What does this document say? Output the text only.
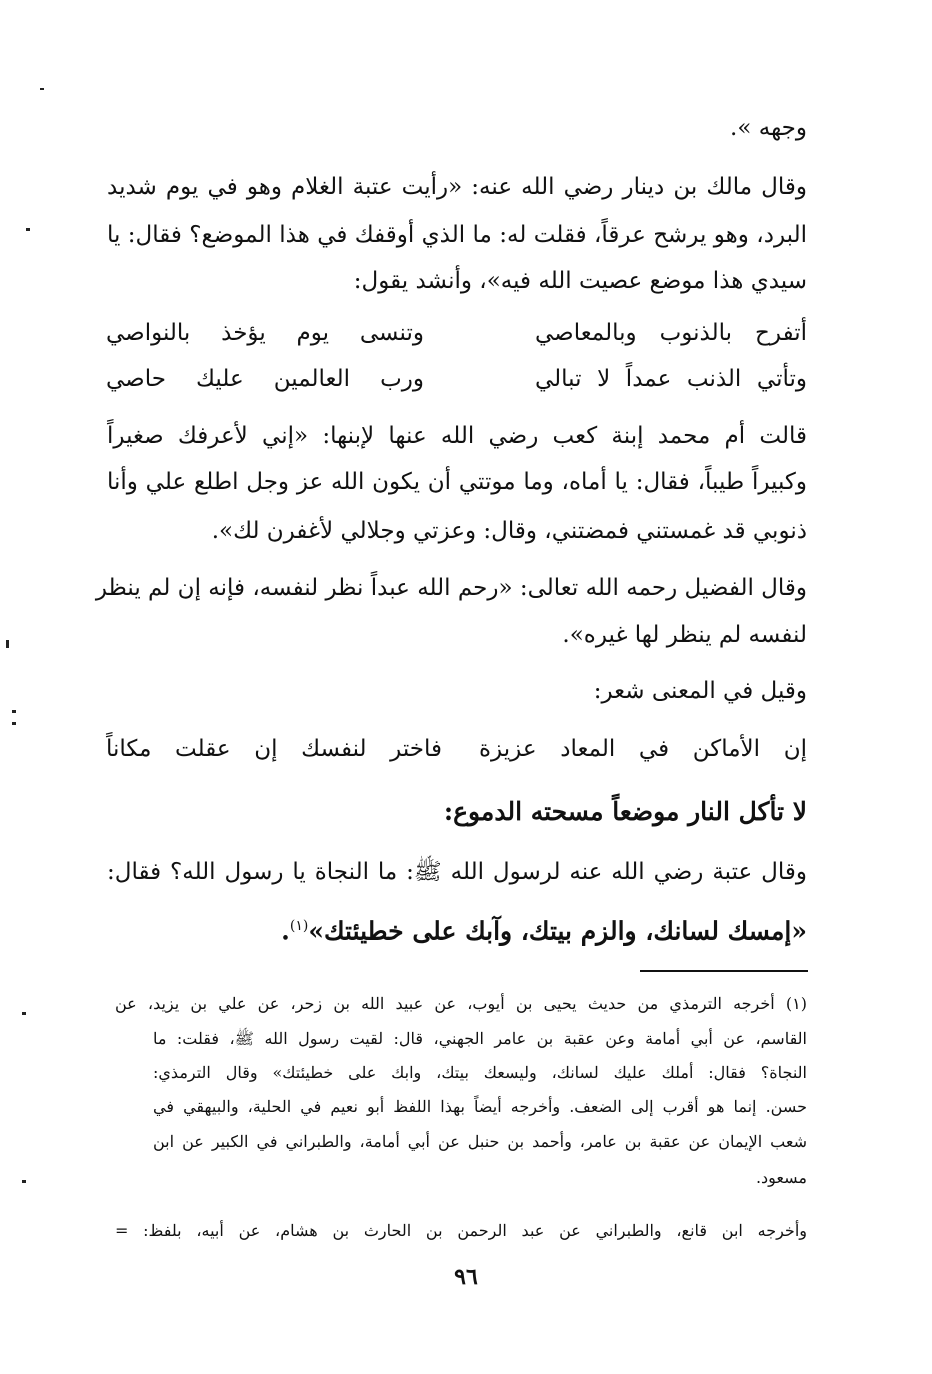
وجهه ».
وقال مالك بن دينار رضي الله عنه: «رأيت عتبة الغلام وهو في يوم شديد
البرد، وهو يرشح عرقاً، فقلت له: ما الذي أوقفك في هذا الموضع؟ فقال: يا
سيدي هذا موضع عصيت الله فيه»، وأنشد يقول:
أتفرح بالذنوب وبالمعاصي
وتنسى يوم يؤخذ بالنواصي
وتأتي الذنب عمداً لا تبالي
ورب العالمين عليك حاصي
قالت أم محمد إبنة كعب رضي الله عنها لإبنها: «إني لأعرفك صغيراً
وكبيراً طيباً، فقال: يا أماه، وما موتتي أن يكون الله عز وجل اطلع علي وأنا
ذنوبي قد غمستني فمضتني، وقال: وعزتي وجلالي لأغفرن لك».
وقال الفضيل رحمه الله تعالى: «رحم الله عبداً نظر لنفسه، فإنه إن لم ينظر
لنفسه لم ينظر لها غيره».
وقيل في المعنى شعر:
إن الأماكن في المعاد عزيزة
فاختر لنفسك إن عقلت مكاناً
لا تأكل النار موضعاً مسحته الدموع:
وقال عتبة رضي الله عنه لرسول الله ﷺ: ما النجاة يا رسول الله؟ فقال:
«إمسك لسانك، والزم بيتك، وآبك على خطيئتك»$^{(١)}$.
(١) أخرجه الترمذي من حديث يحيى بن أيوب، عن عبيد الله بن زحر، عن علي بن يزيد، عن
القاسم، عن أبي أمامة وعن عقبة بن عامر الجهني، قال: لقيت رسول الله ﷺ، فقلت: ما
النجاة؟ فقال: أملك عليك لسانك، وليسعك بيتك، وابك على خطيئتك» وقال الترمذي:
حسن. إنما هو أقرب إلى الضعف. وأخرجه أيضاً بهذا اللفظ أبو نعيم في الحلية، والبيهقي في
شعب الإيمان عن عقبة بن عامر، وأحمد بن حنبل عن أبي أمامة، والطبراني في الكبير عن ابن
مسعود.
وأخرجه ابن قانع، والطبراني عن عبد الرحمن بن الحارث بن هشام، عن أبيه، بلفظ: =
٩٦
